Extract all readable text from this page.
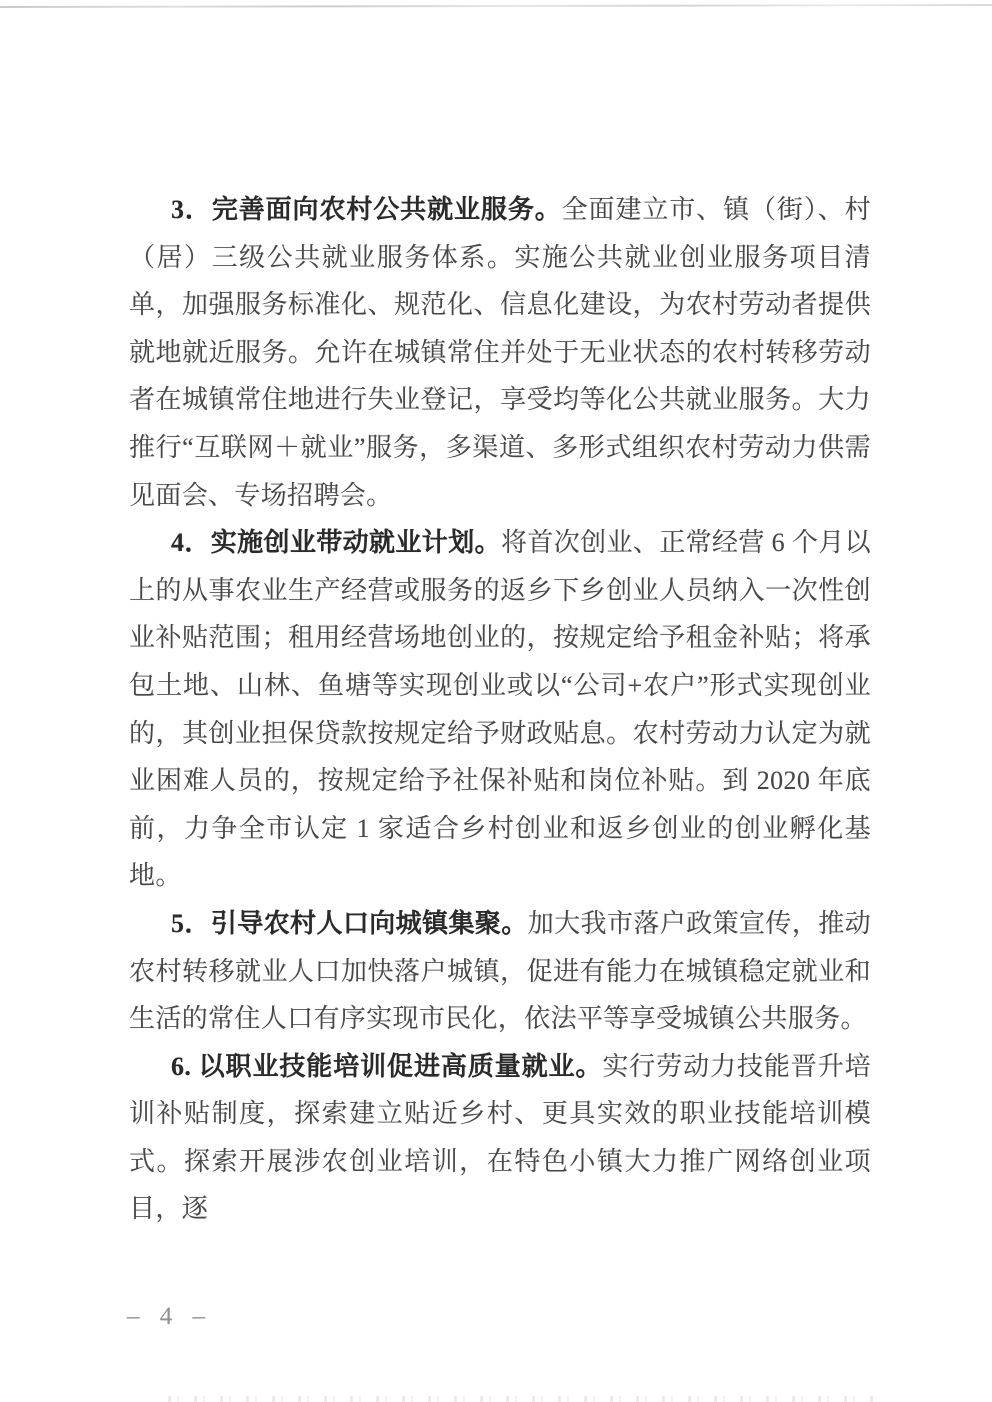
3．完善面向农村公共就业服务。全面建立市、镇（街）、村（居）三级公共就业服务体系。实施公共就业创业服务项目清单，加强服务标准化、规范化、信息化建设，为农村劳动者提供就地就近服务。允许在城镇常住并处于无业状态的农村转移劳动者在城镇常住地进行失业登记，享受均等化公共就业服务。大力推行“互联网＋就业”服务，多渠道、多形式组织农村劳动力供需见面会、专场招聘会。

4．实施创业带动就业计划。将首次创业、正常经营 6 个月以上的从事农业生产经营或服务的返乡下乡创业人员纳入一次性创业补贴范围；租用经营场地创业的，按规定给予租金补贴；将承包土地、山林、鱼塘等实现创业或以“公司+农户”形式实现创业的，其创业担保贷款按规定给予财政贴息。农村劳动力认定为就业困难人员的，按规定给予社保补贴和岗位补贴。到 2020 年底前，力争全市认定 1 家适合乡村创业和返乡创业的创业孵化基地。

5．引导农村人口向城镇集聚。加大我市落户政策宣传，推动农村转移就业人口加快落户城镇，促进有能力在城镇稳定就业和生活的常住人口有序实现市民化，依法平等享受城镇公共服务。

6. 以职业技能培训促进高质量就业。实行劳动力技能晋升培训补贴制度，探索建立贴近乡村、更具实效的职业技能培训模式。探索开展涉农创业培训，在特色小镇大力推广网络创业项目，逐

– 4 –
